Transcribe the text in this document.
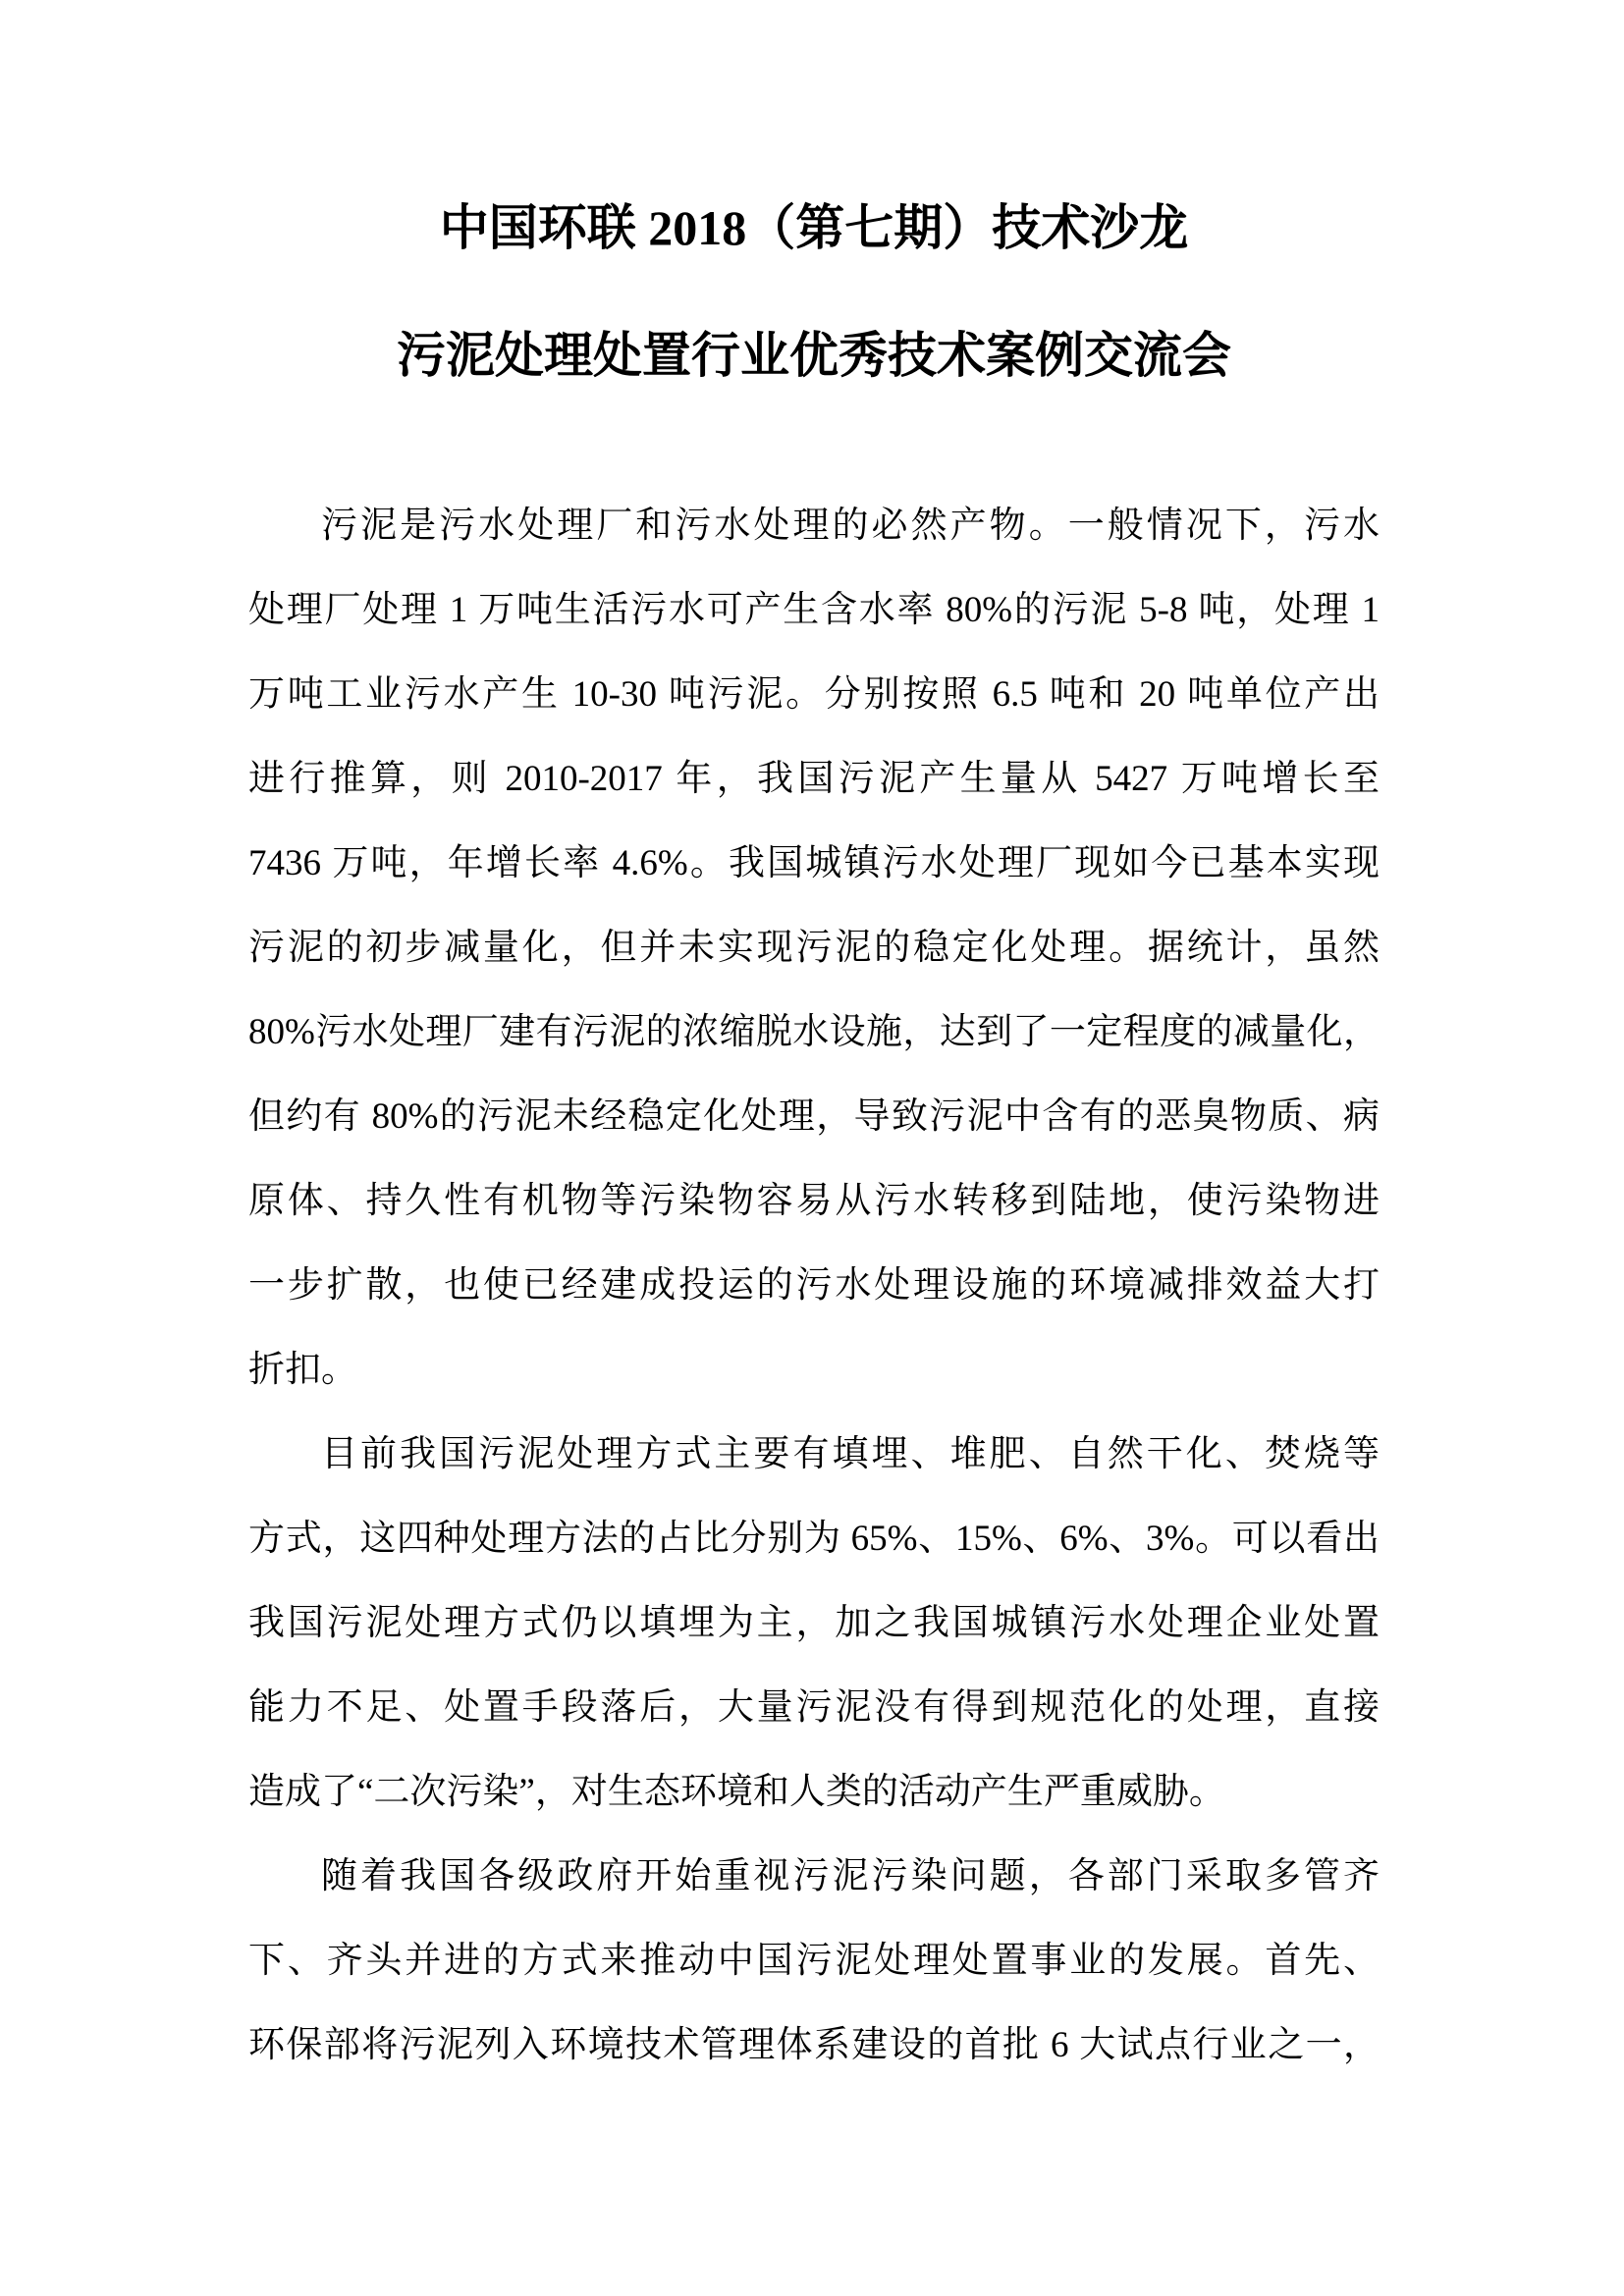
中国环联 2018（第七期）技术沙龙
污泥处理处置行业优秀技术案例交流会
污泥是污水处理厂和污水处理的必然产物。一般情况下，污水
处理厂处理 1 万吨生活污水可产生含水率 80%的污泥 5-8 吨，处理 1
万吨工业污水产生 10-30 吨污泥。分别按照 6.5 吨和 20 吨单位产出
进行推算，则 2010-2017 年，我国污泥产生量从 5427 万吨增长至
7436 万吨，年增长率 4.6%。我国城镇污水处理厂现如今已基本实现
污泥的初步减量化，但并未实现污泥的稳定化处理。据统计，虽然
80%污水处理厂建有污泥的浓缩脱水设施，达到了一定程度的减量化，
但约有 80%的污泥未经稳定化处理，导致污泥中含有的恶臭物质、病
原体、持久性有机物等污染物容易从污水转移到陆地，使污染物进
一步扩散，也使已经建成投运的污水处理设施的环境减排效益大打
折扣。
目前我国污泥处理方式主要有填埋、堆肥、自然干化、焚烧等
方式，这四种处理方法的占比分别为 65%、15%、6%、3%。可以看出
我国污泥处理方式仍以填埋为主，加之我国城镇污水处理企业处置
能力不足、处置手段落后，大量污泥没有得到规范化的处理，直接
造成了“二次污染”，对生态环境和人类的活动产生严重威胁。
随着我国各级政府开始重视污泥污染问题，各部门采取多管齐
下、齐头并进的方式来推动中国污泥处理处置事业的发展。首先、
环保部将污泥列入环境技术管理体系建设的首批 6 大试点行业之一，
